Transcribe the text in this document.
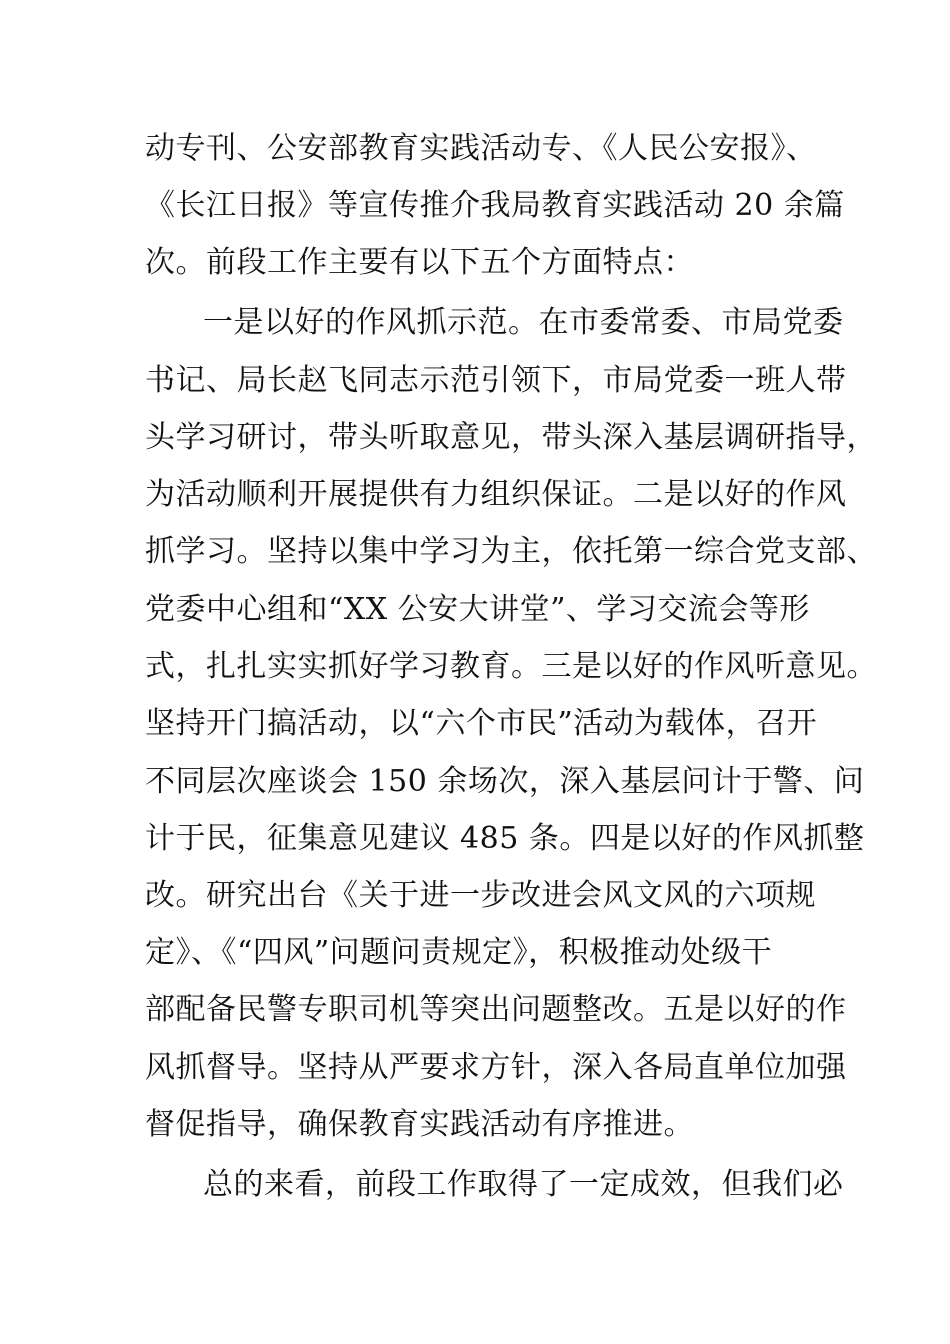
动专刊、公安部教育实践活动专、《人民公安报》、
《长江日报》等宣传推介我局教育实践活动 20 余篇
次。前段工作主要有以下五个方面特点：
一是以好的作风抓示范。在市委常委、市局党委
书记、局长赵飞同志示范引领下，市局党委一班人带
头学习研讨，带头听取意见，带头深入基层调研指导，
为活动顺利开展提供有力组织保证。二是以好的作风
抓学习。坚持以集中学习为主，依托第一综合党支部、
党委中心组和“XX 公安大讲堂”、学习交流会等形
式，扎扎实实抓好学习教育。三是以好的作风听意见。
坚持开门搞活动，以“六个市民”活动为载体，召开
不同层次座谈会 150 余场次，深入基层问计于警、问
计于民，征集意见建议 485 条。四是以好的作风抓整
改。研究出台《关于进一步改进会风文风的六项规
定》、《“四风”问题问责规定》，积极推动处级干
部配备民警专职司机等突出问题整改。五是以好的作
风抓督导。坚持从严要求方针，深入各局直单位加强
督促指导，确保教育实践活动有序推进。
总的来看，前段工作取得了一定成效，但我们必
